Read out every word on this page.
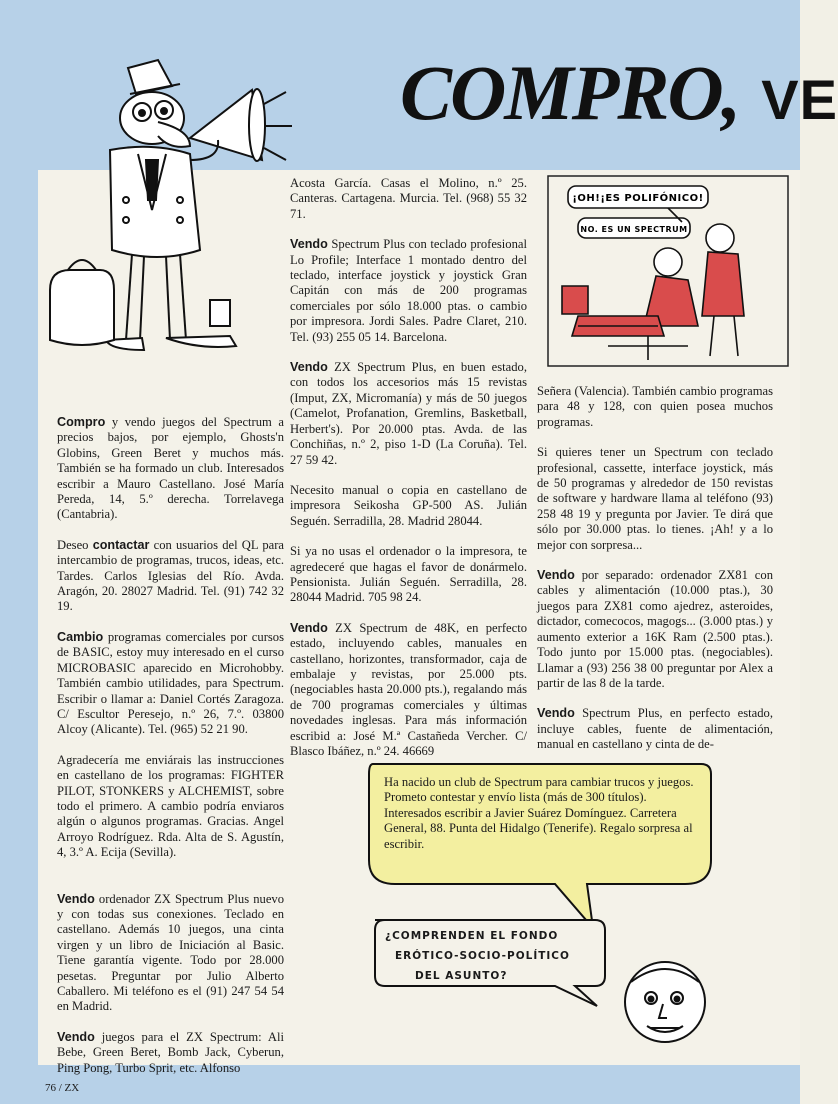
COMPRO, VE
¡OH!¡ES POLIFÓNICO!
NO. ES UN SPECTRUM

Compro y vendo juegos del Spectrum a precios bajos, por ejemplo, Ghosts'n Globins, Green Beret y muchos más. También se ha formado un club. Interesados escribir a Mauro Castellano. José María Pereda, 14, 5.º derecha. Torrelavega (Cantabria).

Deseo contactar con usuarios del QL para intercambio de programas, trucos, ideas, etc. Tardes. Carlos Iglesias del Río. Avda. Aragón, 20. 28027 Madrid. Tel. (91) 742 32 19.

Cambio programas comerciales por cursos de BASIC, estoy muy interesado en el curso MICROBASIC aparecido en Microhobby. También cambio utilidades, para Spectrum. Escribir o llamar a: Daniel Cortés Zaragoza. C/ Escultor Peresejo, n.º 26, 7.º. 03800 Alcoy (Alicante). Tel. (965) 52 21 90.

Agradecería me enviárais las instrucciones en castellano de los programas: FIGHTER PILOT, STONKERS y ALCHEMIST, sobre todo el primero. A cambio podría enviaros algún o algunos programas. Gracias. Angel Arroyo Rodríguez. Rda. Alta de S. Agustín, 4, 3.º A. Ecija (Sevilla).

Vendo ordenador ZX Spectrum Plus nuevo y con todas sus conexiones. Teclado en castellano. Además 10 juegos, una cinta virgen y un libro de Iniciación al Basic. Tiene garantía vigente. Todo por 28.000 pesetas. Preguntar por Julio Alberto Caballero. Mi teléfono es el (91) 247 54 54 en Madrid.

Vendo juegos para el ZX Spectrum: Ali Bebe, Green Beret, Bomb Jack, Cyberun, Ping Pong, Turbo Sprit, etc. Alfonso

Acosta García. Casas el Molino, n.º 25. Canteras. Cartagena. Murcia. Tel. (968) 55 32 71.

Vendo Spectrum Plus con teclado profesional Lo Profile; Interface 1 montado dentro del teclado, interface joystick y joystick Gran Capitán con más de 200 programas comerciales por sólo 18.000 ptas. o cambio por impresora. Jordi Sales. Padre Claret, 210. Tel. (93) 255 05 14. Barcelona.

Vendo ZX Spectrum Plus, en buen estado, con todos los accesorios más 15 revistas (Imput, ZX, Micromanía) y más de 50 juegos (Camelot, Profanation, Gremlins, Basketball, Herbert's). Por 20.000 ptas. Avda. de las Conchiñas, n.º 2, piso 1-D (La Coruña). Tel. 27 59 42.

Necesito manual o copia en castellano de impresora Seikosha GP-500 AS. Julián Seguén. Serradilla, 28. Madrid 28044.

Si ya no usas el ordenador o la impresora, te agredeceré que hagas el favor de donármelo. Pensionista. Julián Seguén. Serradilla, 28. 28044 Madrid. 705 98 24.

Vendo ZX Spectrum de 48K, en perfecto estado, incluyendo cables, manuales en castellano, horizontes, transformador, caja de embalaje y revistas, por 25.000 pts. (negociables hasta 20.000 pts.), regalando más de 700 programas comerciales y últimas novedades inglesas. Para más información escribid a: José M.ª Castañeda Vercher. C/ Blasco Ibáñez, n.º 24. 46669

Señera (Valencia). También cambio programas para 48 y 128, con quien posea muchos programas.

Si quieres tener un Spectrum con teclado profesional, cassette, interface joystick, más de 50 programas y alrededor de 150 revistas de software y hardware llama al teléfono (93) 258 48 19 y pregunta por Javier. Te dirá que sólo por 30.000 ptas. lo tienes. ¡Ah! y a lo mejor con sorpresa...

Vendo por separado: ordenador ZX81 con cables y alimentación (10.000 ptas.), 30 juegos para ZX81 como ajedrez, asteroides, dictador, comecocos, magogs... (3.000 ptas.) y aumento exterior a 16K Ram (2.500 ptas.). Todo junto por 15.000 ptas. (negociables). Llamar a (93) 256 38 00 preguntar por Alex a partir de las 8 de la tarde.

Vendo Spectrum Plus, en perfecto estado, incluye cables, fuente de alimentación, manual en castellano y cinta de de-

Ha nacido un club de Spectrum para cambiar trucos y juegos. Prometo contestar y envío lista (más de 300 títulos). Interesados escribir a Javier Suárez Domínguez. Carretera General, 88. Punta del Hidalgo (Tenerife). Regalo sorpresa al escribir.
¿COMPRENDEN EL FONDO
ERÓTICO-SOCIO-POLÍTICO
DEL ASUNTO?
76 / ZX
